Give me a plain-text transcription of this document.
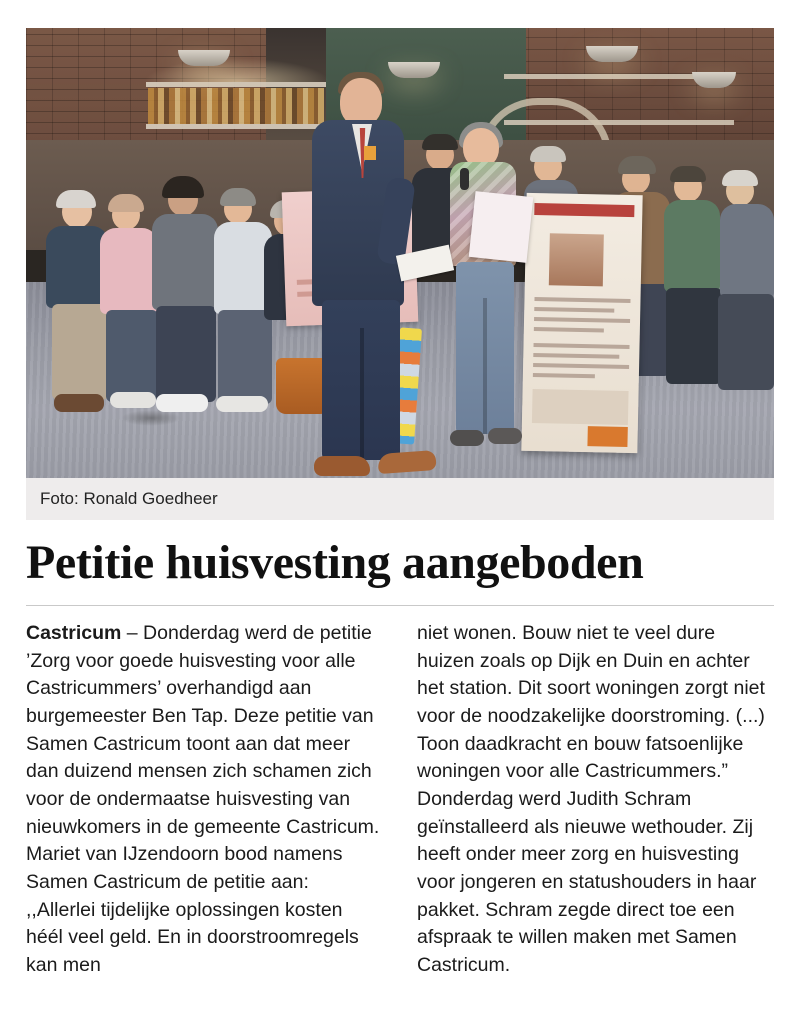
Foto: Ronald Goedheer
Petitie huisvesting aangeboden

Castricum – Donderdag werd de petitie ’Zorg voor goede huisvesting voor alle Castricummers’ overhandigd aan burgemeester Ben Tap. Deze petitie van Samen Castricum toont aan dat meer dan duizend mensen zich schamen zich voor de ondermaatse huisvesting van nieuwkomers in de gemeente Castricum. Mariet van IJzendoorn bood namens Samen Castricum de petitie aan: ,,Allerlei tijdelijke oplossingen kosten héél veel geld. En in doorstroomregels kan men

niet wonen. Bouw niet te veel dure huizen zoals op Dijk en Duin en achter het station. Dit soort woningen zorgt niet voor de noodzakelijke doorstroming. (...) Toon daadkracht en bouw fatsoenlijke woningen voor alle Castricummers.” Donderdag werd Judith Schram geïnstalleerd als nieuwe wethouder. Zij heeft onder meer zorg en huisvesting voor jongeren en statushouders in haar pakket. Schram zegde direct toe een afspraak te willen maken met Samen Castricum.
